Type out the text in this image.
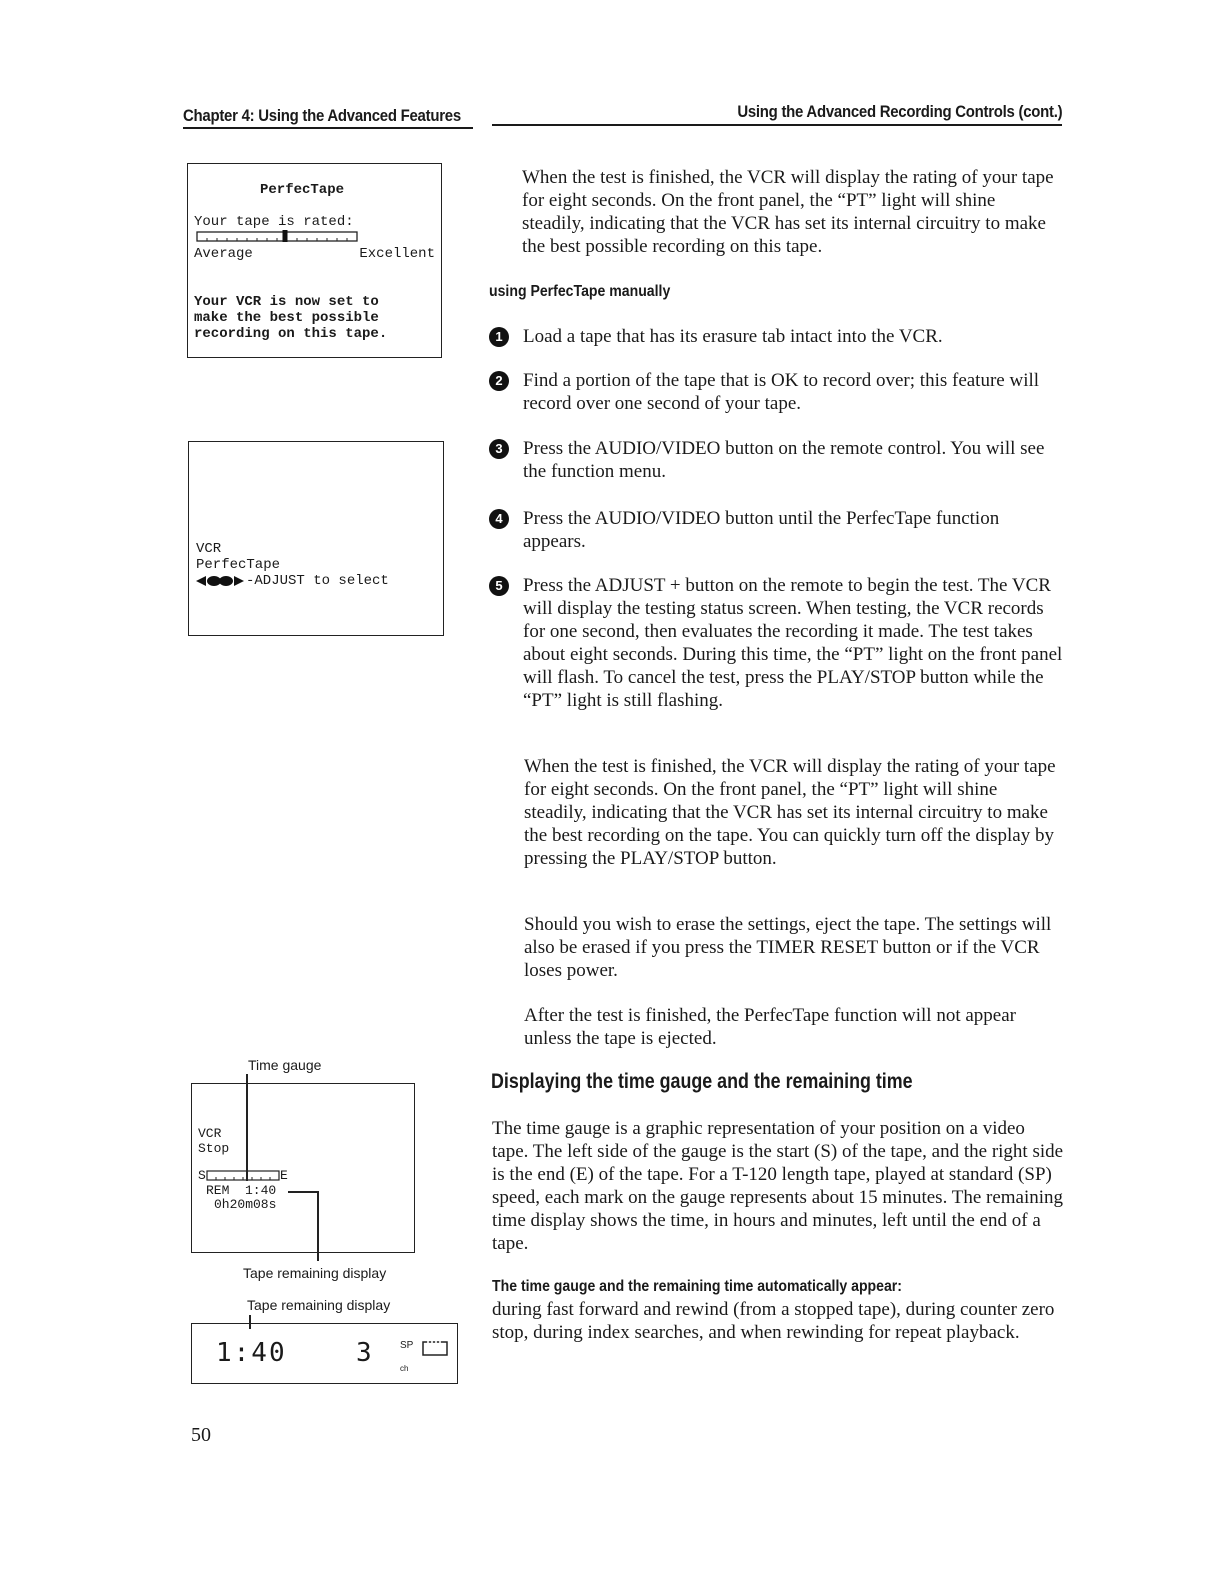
Chapter 4: Using the Advanced Features	Using the Advanced Recording Controls (cont.)
PerfecTape
Your tape is rated:
Average	Excellent
Your VCR is now set to
make the best possible
recording on this tape.
VCR
PerfecTape
-ADJUST to select
Time gauge
VCR
Stop
S	E
REM  1:40
0h20m08s
Tape remaining display
Tape remaining display
1:40	3	SP
ch
When the test is finished, the VCR will display the rating of your tape for eight seconds. On the front panel, the “PT” light will shine steadily, indicating that the VCR has set its internal circuitry to make the best possible recording on this tape.
using PerfecTape manually
1	Load a tape that has its erasure tab intact into the VCR.
2	Find a portion of the tape that is OK to record over; this feature will record over one second of your tape.
3	Press the AUDIO/VIDEO button on the remote control. You will see the function menu.
4	Press the AUDIO/VIDEO button until the PerfecTape function appears.
5	Press the ADJUST + button on the remote to begin the test. The VCR will display the testing status screen. When testing, the VCR records for one second, then evaluates the recording it made. The test takes about eight seconds. During this time, the “PT” light on the front panel will flash. To cancel the test, press the PLAY/STOP button while the “PT” light is still flashing.
When the test is finished, the VCR will display the rating of your tape for eight seconds. On the front panel, the “PT” light will shine steadily, indicating that the VCR has set its internal circuitry to make the best recording on the tape. You can quickly turn off the display by pressing the PLAY/STOP button.
Should you wish to erase the settings, eject the tape. The settings will also be erased if you press the TIMER RESET button or if the VCR loses power.
After the test is finished, the PerfecTape function will not appear unless the tape is ejected.
Displaying the time gauge and the remaining time
The time gauge is a graphic representation of your position on a video tape. The left side of the gauge is the start (S) of the tape, and the right side is the end (E) of the tape. For a T-120 length tape, played at standard (SP) speed, each mark on the gauge represents about 15 minutes. The remaining time display shows the time, in hours and minutes, left until the end of a tape.
The time gauge and the remaining time automatically appear:
during fast forward and rewind (from a stopped tape), during counter zero stop, during index searches, and when rewinding for repeat playback.
50
